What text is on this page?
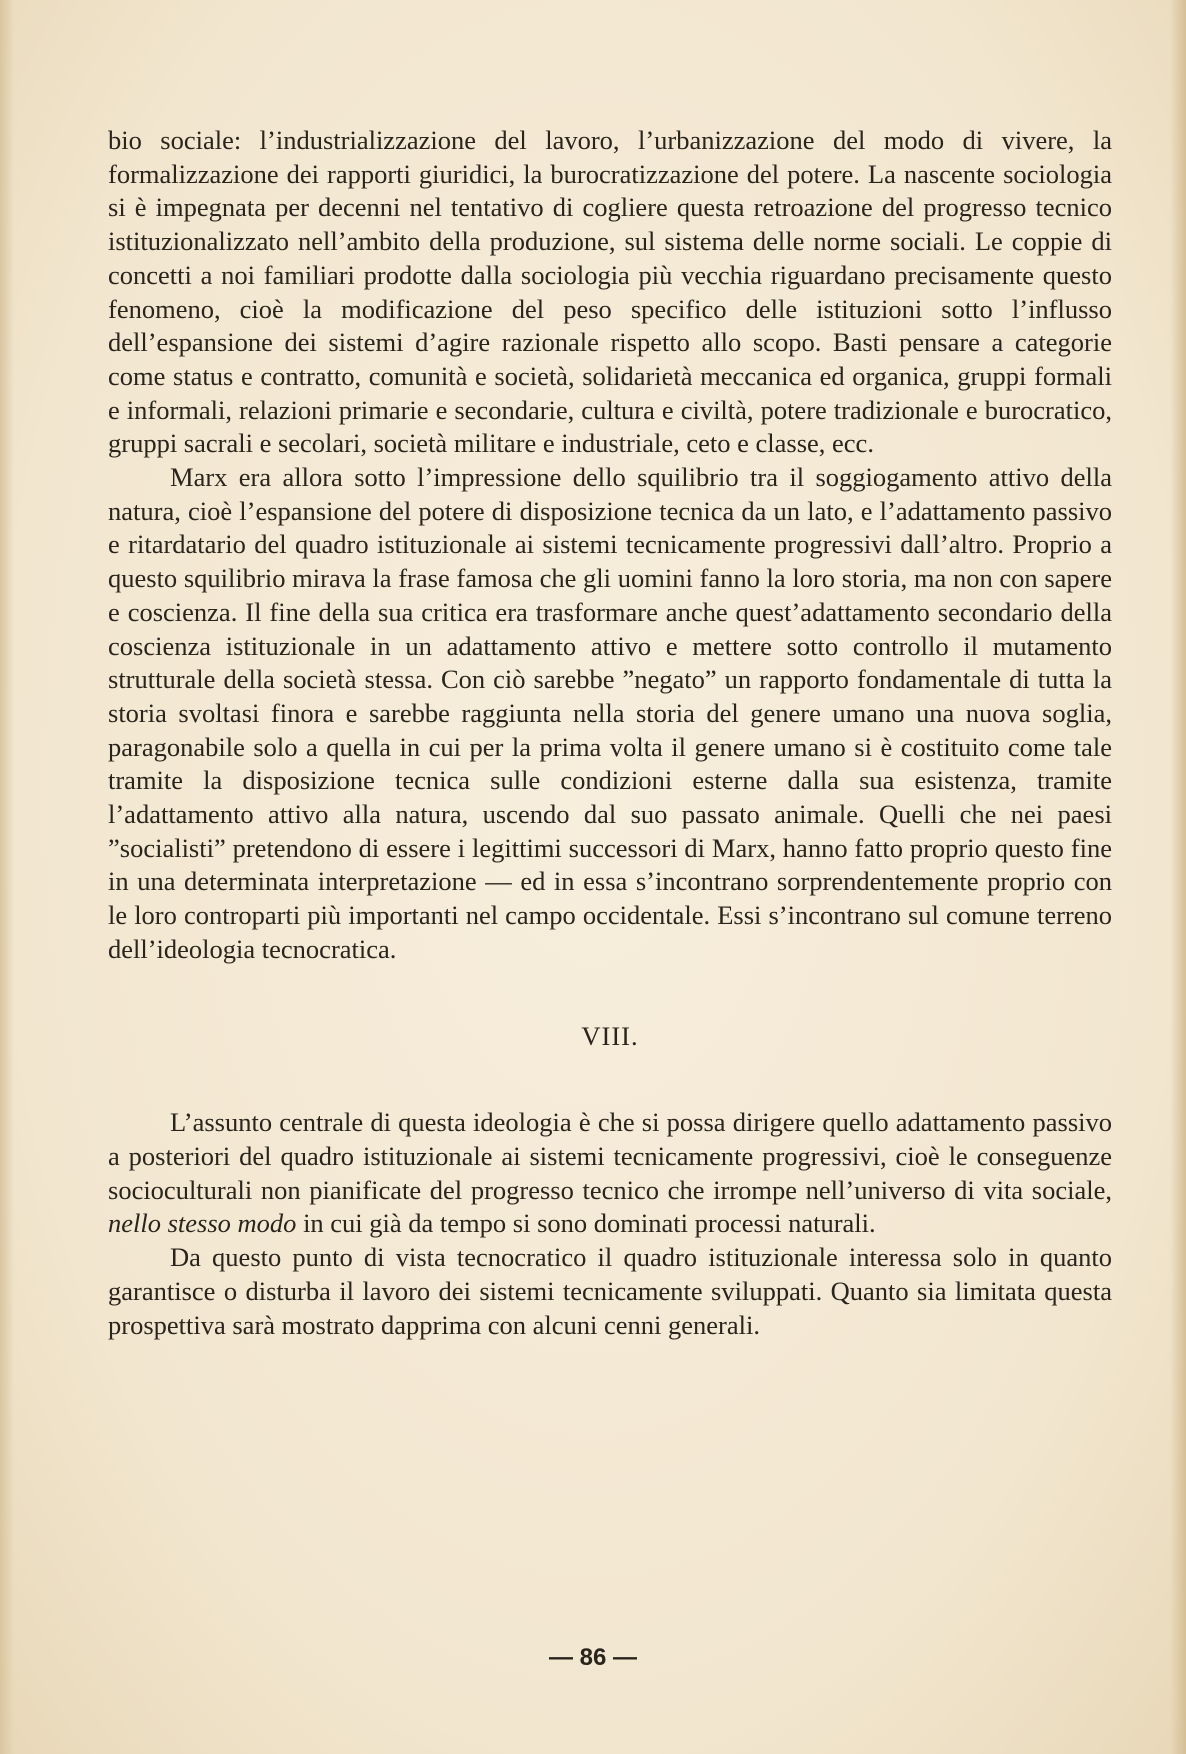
bio sociale: l’industrializzazione del lavoro, l’urbanizzazione del modo di vivere, la formalizzazione dei rapporti giuridici, la burocratizzazione del potere. La nascente sociologia si è impegnata per decenni nel tentativo di cogliere questa retroazione del progresso tecnico istituzionalizzato nell’ambito della produzione, sul sistema delle norme sociali. Le coppie di concetti a noi familiari prodotte dalla sociologia più vecchia riguardano precisamente questo fenomeno, cioè la modificazione del peso specifico delle istituzioni sotto l’influsso dell’espansione dei sistemi d’agire razionale rispetto allo scopo. Basti pensare a categorie come status e contratto, comunità e società, solidarietà meccanica ed organica, gruppi formali e informali, relazioni primarie e secondarie, cultura e civiltà, potere tradizionale e burocratico, gruppi sacrali e secolari, società militare e industriale, ceto e classe, ecc.

Marx era allora sotto l’impressione dello squilibrio tra il soggiogamento attivo della natura, cioè l’espansione del potere di disposizione tecnica da un lato, e l’adattamento passivo e ritardatario del quadro istituzionale ai sistemi tecnicamente progressivi dall’altro. Proprio a questo squilibrio mirava la frase famosa che gli uomini fanno la loro storia, ma non con sapere e coscienza. Il fine della sua critica era trasformare anche quest’adattamento secondario della coscienza istituzionale in un adattamento attivo e mettere sotto controllo il mutamento strutturale della società stessa. Con ciò sarebbe ”negato” un rapporto fondamentale di tutta la storia svoltasi finora e sarebbe raggiunta nella storia del genere umano una nuova soglia, paragonabile solo a quella in cui per la prima volta il genere umano si è costituito come tale tramite la disposizione tecnica sulle condizioni esterne dalla sua esistenza, tramite l’adattamento attivo alla natura, uscendo dal suo passato animale. Quelli che nei paesi ”socialisti” pretendono di essere i legittimi successori di Marx, hanno fatto proprio questo fine in una determinata interpretazione — ed in essa s’incontrano sorprendentemente proprio con le loro controparti più importanti nel campo occidentale. Essi s’incontrano sul comune terreno dell’ideologia tecnocratica.

VIII.

L’assunto centrale di questa ideologia è che si possa dirigere quello adattamento passivo a posteriori del quadro istituzionale ai sistemi tecnicamente progressivi, cioè le conseguenze socioculturali non pianificate del progresso tecnico che irrompe nell’universo di vita sociale, nello stesso modo in cui già da tempo si sono dominati processi naturali.

Da questo punto di vista tecnocratico il quadro istituzionale interessa solo in quanto garantisce o disturba il lavoro dei sistemi tecnicamente sviluppati. Quanto sia limitata questa prospettiva sarà mostrato dapprima con alcuni cenni generali.

— 86 —
